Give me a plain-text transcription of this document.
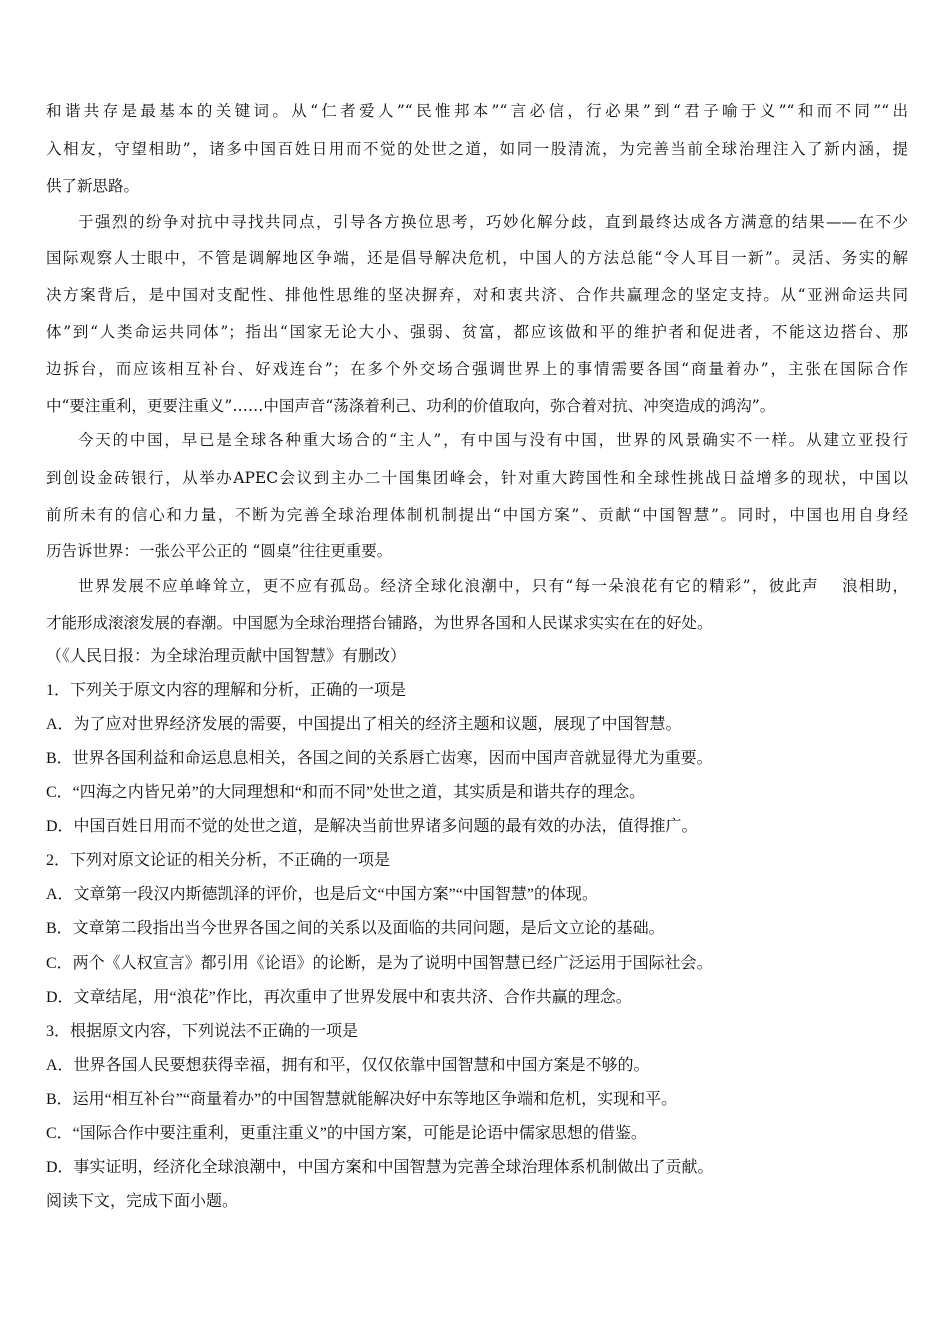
和谐共存是最基本的关键词。从“仁者爱人”“民惟邦本”“言必信，行必果”到“君子喻于义”“和而不同”“出
入相友，守望相助”，诸多中国百姓日用而不觉的处世之道，如同一股清流，为完善当前全球治理注入了新内涵，提
供了新思路。
于强烈的纷争对抗中寻找共同点，引导各方换位思考，巧妙化解分歧，直到最终达成各方满意的结果——在不少
国际观察人士眼中，不管是调解地区争端，还是倡导解决危机，中国人的方法总能“令人耳目一新”。灵活、务实的解
决方案背后，是中国对支配性、排他性思维的坚决摒弃，对和衷共济、合作共赢理念的坚定支持。从“亚洲命运共同
体”到“人类命运共同体”；指出“国家无论大小、强弱、贫富，都应该做和平的维护者和促进者，不能这边搭台、那
边拆台，而应该相互补台、好戏连台”；在多个外交场合强调世界上的事情需要各国“商量着办”，主张在国际合作
中“要注重利，更要注重义”……中国声音“荡涤着利己、功利的价值取向，弥合着对抗、冲突造成的鸿沟”。
今天的中国，早已是全球各种重大场合的“主人”，有中国与没有中国，世界的风景确实不一样。从建立亚投行
到创设金砖银行，从举办APEC会议到主办二十国集团峰会，针对重大跨国性和全球性挑战日益增多的现状，中国以
前所未有的信心和力量，不断为完善全球治理体制机制提出“中国方案”、贡献“中国智慧”。同时，中国也用自身经
历告诉世界：一张公平公正的 “圆桌”往往更重要。
世界发展不应单峰耸立，更不应有孤岛。经济全球化浪潮中，只有“每一朵浪花有它的精彩”，彼此声　 浪相助，
才能形成滚滚发展的春潮。中国愿为全球治理搭台铺路，为世界各国和人民谋求实实在在的好处。
（《人民日报：为全球治理贡献中国智慧》有删改）
1．下列关于原文内容的理解和分析，正确的一项是
A．为了应对世界经济发展的需要，中国提出了相关的经济主题和议题，展现了中国智慧。
B．世界各国利益和命运息息相关，各国之间的关系唇亡齿寒，因而中国声音就显得尤为重要。
C．“四海之内皆兄弟”的大同理想和“和而不同”处世之道，其实质是和谐共存的理念。
D．中国百姓日用而不觉的处世之道，是解决当前世界诸多问题的最有效的办法，值得推广。
2．下列对原文论证的相关分析，不正确的一项是
A．文章第一段汉内斯德凯泽的评价，也是后文“中国方案”“中国智慧”的体现。
B．文章第二段指出当今世界各国之间的关系以及面临的共同问题，是后文立论的基础。
C．两个《人权宣言》都引用《论语》的论断，是为了说明中国智慧已经广泛运用于国际社会。
D．文章结尾，用“浪花”作比，再次重申了世界发展中和衷共济、合作共赢的理念。
3．根据原文内容，下列说法不正确的一项是
A．世界各国人民要想获得幸福，拥有和平，仅仅依靠中国智慧和中国方案是不够的。
B．运用“相互补台”“商量着办”的中国智慧就能解决好中东等地区争端和危机，实现和平。
C．“国际合作中要注重利，更重注重义”的中国方案，可能是论语中儒家思想的借鉴。
D．事实证明，经济化全球浪潮中，中国方案和中国智慧为完善全球治理体系机制做出了贡献。
阅读下文，完成下面小题。
